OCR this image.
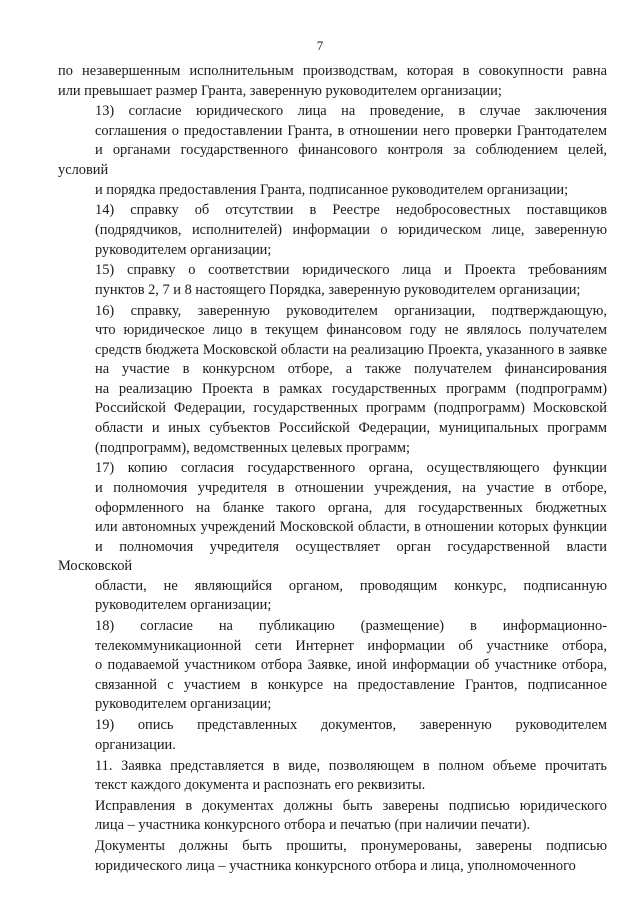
7

по незавершенным исполнительным производствам, которая в совокупности равна
или превышает размер Гранта, заверенную руководителем организации;

13) согласие юридического лица на проведение, в случае заключения
соглашения о предоставлении Гранта, в отношении него проверки Грантодателем
и органами государственного финансового контроля за соблюдением целей, условий
и порядка предоставления Гранта, подписанное руководителем организации;

14) справку об отсутствии в Реестре недобросовестных поставщиков
(подрядчиков, исполнителей) информации о юридическом лице, заверенную
руководителем организации;

15) справку о соответствии юридического лица и Проекта требованиям
пунктов 2, 7 и 8 настоящего Порядка, заверенную руководителем организации;

16) справку, заверенную руководителем организации, подтверждающую,
что юридическое лицо в текущем финансовом году не являлось получателем
средств бюджета Московской области на реализацию Проекта, указанного в заявке
на участие в конкурсном отборе, а также получателем финансирования
на реализацию Проекта в рамках государственных программ (подпрограмм)
Российской Федерации, государственных программ (подпрограмм) Московской
области и иных субъектов Российской Федерации, муниципальных программ
(подпрограмм), ведомственных целевых программ;

17) копию согласия государственного органа, осуществляющего функции
и полномочия учредителя в отношении учреждения, на участие в отборе,
оформленного на бланке такого органа, для государственных бюджетных
или автономных учреждений Московской области, в отношении которых функции
и полномочия учредителя осуществляет орган государственной власти Московской
области, не являющийся органом, проводящим конкурс, подписанную
руководителем организации;

18) согласие на публикацию (размещение) в информационно-
телекоммуникационной сети Интернет информации об участнике отбора,
о подаваемой участником отбора Заявке, иной информации об участнике отбора,
связанной с участием в конкурсе на предоставление Грантов, подписанное
руководителем организации;

19) опись представленных документов, заверенную руководителем
организации.

11. Заявка представляется в виде, позволяющем в полном объеме прочитать
текст каждого документа и распознать его реквизиты.

Исправления в документах должны быть заверены подписью юридического
лица – участника конкурсного отбора и печатью (при наличии печати).

Документы должны быть прошиты, пронумерованы, заверены подписью
юридического лица – участника конкурсного отбора и лица, уполномоченного
